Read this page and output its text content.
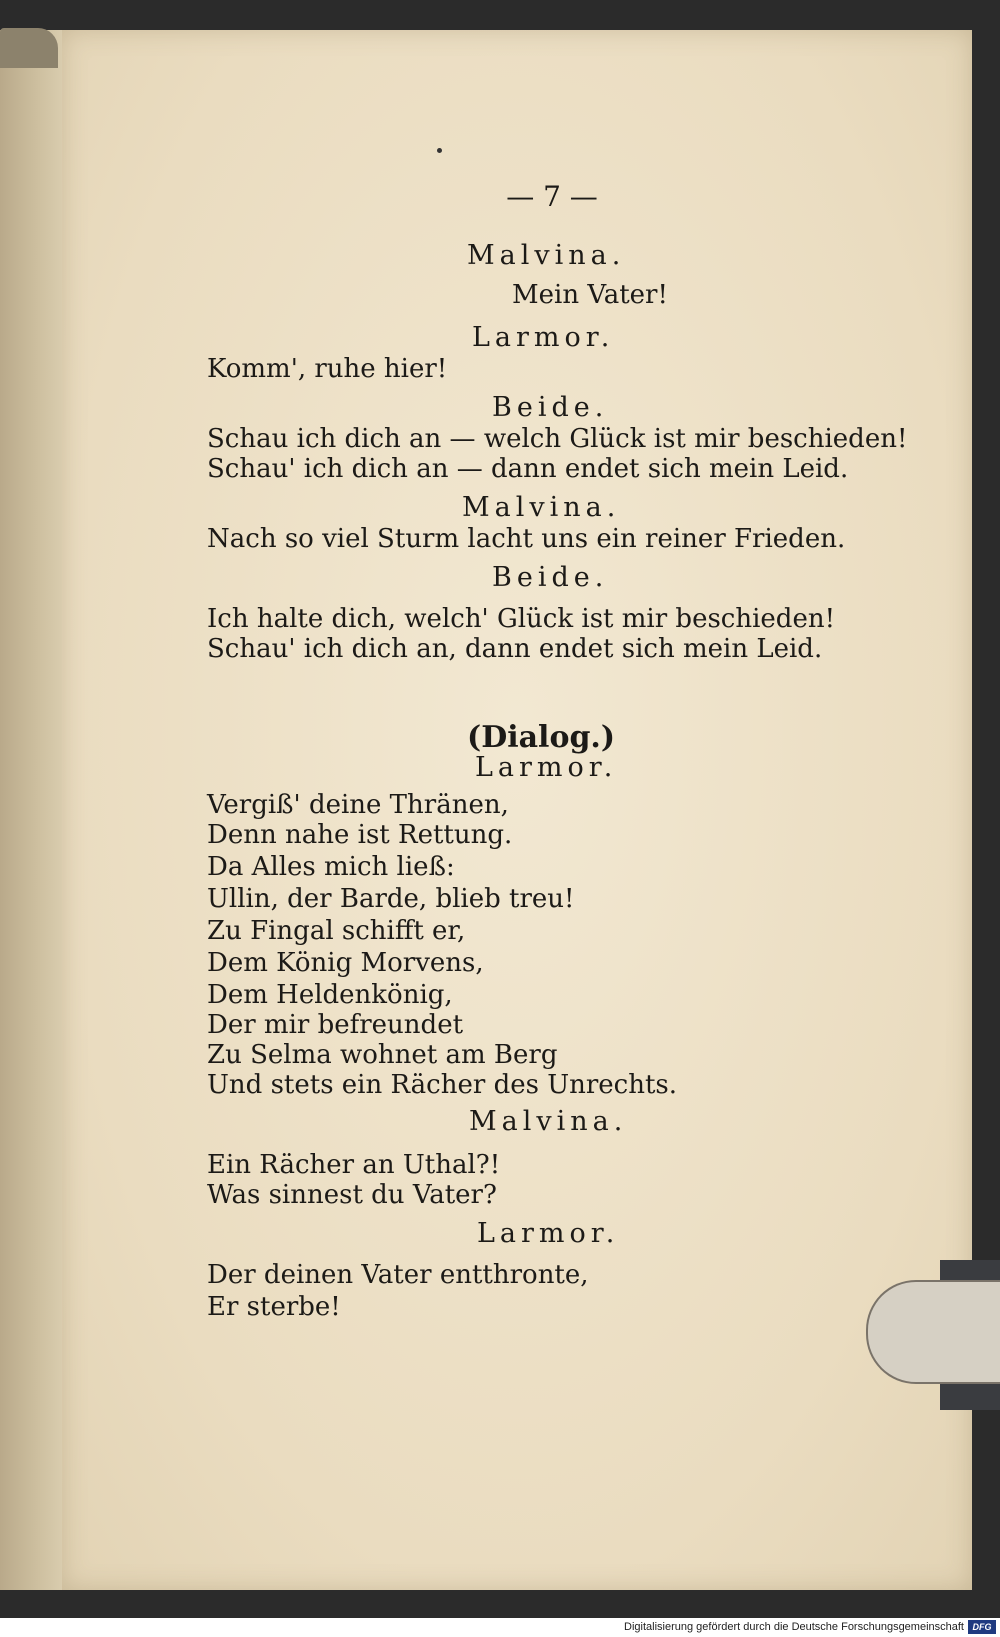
— 7 —
Malvina.
Mein Vater!
Larmor.
Komm', ruhe hier!
Beide.
Schau ich dich an — welch Glück ist mir beschieden!
Schau' ich dich an — dann endet sich mein Leid.
Malvina.
Nach so viel Sturm lacht uns ein reiner Frieden.
Beide.
Ich halte dich, welch' Glück ist mir beschieden!
Schau' ich dich an, dann endet sich mein Leid.
(Dialog.)
Larmor.
Vergiß' deine Thränen,
Denn nahe ist Rettung.
Da Alles mich ließ:
Ullin, der Barde, blieb treu!
Zu Fingal schifft er,
Dem König Morvens,
Dem Heldenkönig,
Der mir befreundet
Zu Selma wohnet am Berg
Und stets ein Rächer des Unrechts.
Malvina.
Ein Rächer an Uthal?!
Was sinnest du Vater?
Larmor.
Der deinen Vater entthronte,
Er sterbe!
Digitalisierung gefördert durch die Deutsche Forschungsgemeinschaft DFG
